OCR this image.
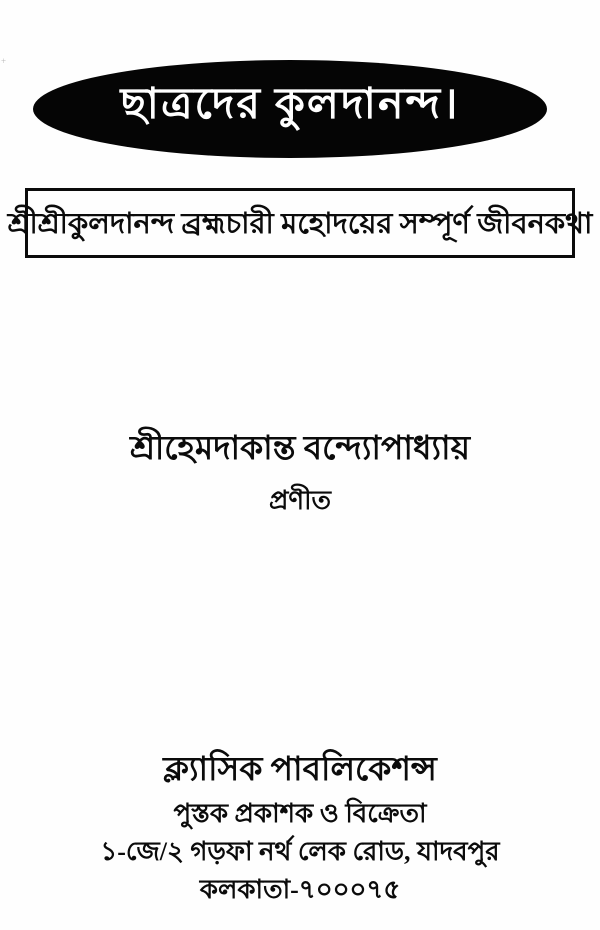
+
ছাত্রদের কুলদানন্দ।
শ্রীশ্রীকুলদানন্দ ব্রহ্মচারী মহোদয়ের সম্পূর্ণ জীবনকথা
শ্রীহেমদাকান্ত বন্দ্যোপাধ্যায়
প্রণীত
ক্ল্যাসিক পাবলিকেশন্স
পুস্তক প্রকাশক ও বিক্রেতা
১-জে/২ গড়ফা নর্থ লেক রোড, যাদবপুর
কলকাতা-৭০০০৭৫
